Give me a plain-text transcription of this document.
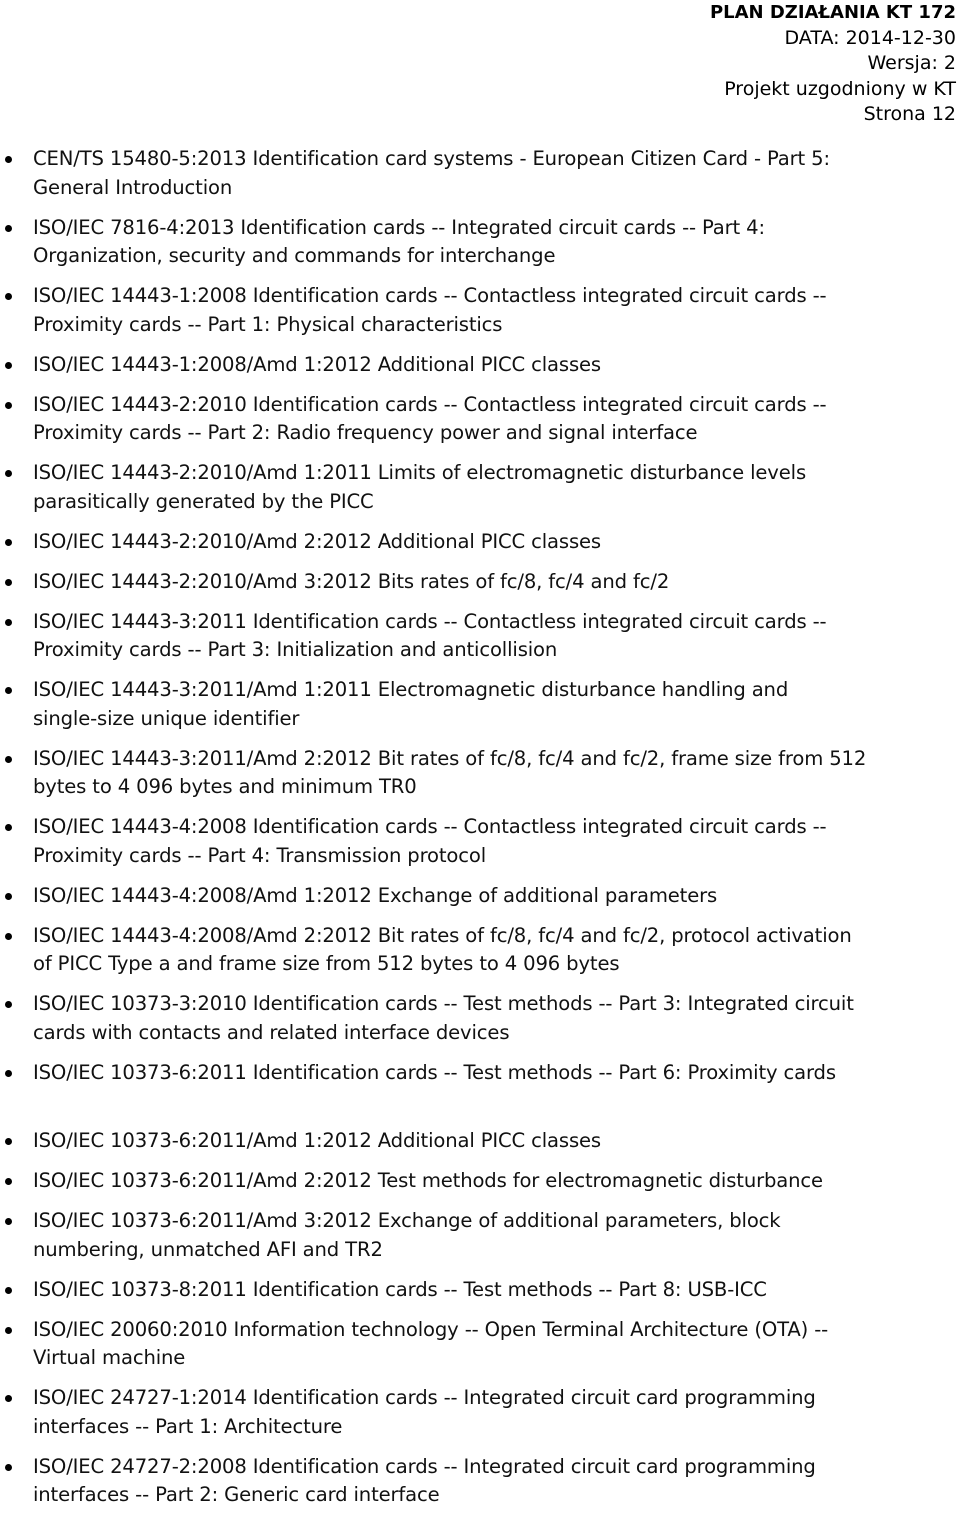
PLAN DZIAŁANIA KT 172
DATA: 2014-12-30
Wersja: 2
Projekt uzgodniony w KT
Strona 12
CEN/TS 15480-5:2013 Identification card systems - European Citizen Card - Part 5:
General Introduction
ISO/IEC 7816-4:2013 Identification cards -- Integrated circuit cards -- Part 4:
Organization, security and commands for interchange
ISO/IEC 14443-1:2008 Identification cards -- Contactless integrated circuit cards --
Proximity cards -- Part 1: Physical characteristics
ISO/IEC 14443-1:2008/Amd 1:2012 Additional PICC classes
ISO/IEC 14443-2:2010 Identification cards -- Contactless integrated circuit cards --
Proximity cards -- Part 2: Radio frequency power and signal interface
ISO/IEC 14443-2:2010/Amd 1:2011 Limits of electromagnetic disturbance levels
parasitically generated by the PICC
ISO/IEC 14443-2:2010/Amd 2:2012 Additional PICC classes
ISO/IEC 14443-2:2010/Amd 3:2012 Bits rates of fc/8, fc/4 and fc/2
ISO/IEC 14443-3:2011 Identification cards -- Contactless integrated circuit cards --
Proximity cards -- Part 3: Initialization and anticollision
ISO/IEC 14443-3:2011/Amd 1:2011 Electromagnetic disturbance handling and
single-size unique identifier
ISO/IEC 14443-3:2011/Amd 2:2012 Bit rates of fc/8, fc/4 and fc/2, frame size from 512
bytes to 4 096 bytes and minimum TR0
ISO/IEC 14443-4:2008 Identification cards -- Contactless integrated circuit cards --
Proximity cards -- Part 4: Transmission protocol
ISO/IEC 14443-4:2008/Amd 1:2012 Exchange of additional parameters
ISO/IEC 14443-4:2008/Amd 2:2012 Bit rates of fc/8, fc/4 and fc/2, protocol activation
of PICC Type a and frame size from 512 bytes to 4 096 bytes
ISO/IEC 10373-3:2010 Identification cards -- Test methods -- Part 3: Integrated circuit
cards with contacts and related interface devices
ISO/IEC 10373-6:2011 Identification cards -- Test methods -- Part 6: Proximity cards
ISO/IEC 10373-6:2011/Amd 1:2012 Additional PICC classes
ISO/IEC 10373-6:2011/Amd 2:2012 Test methods for electromagnetic disturbance
ISO/IEC 10373-6:2011/Amd 3:2012 Exchange of additional parameters, block
numbering, unmatched AFI and TR2
ISO/IEC 10373-8:2011 Identification cards -- Test methods -- Part 8: USB-ICC
ISO/IEC 20060:2010 Information technology -- Open Terminal Architecture (OTA) --
Virtual machine
ISO/IEC 24727-1:2014 Identification cards -- Integrated circuit card programming
interfaces -- Part 1: Architecture
ISO/IEC 24727-2:2008 Identification cards -- Integrated circuit card programming
interfaces -- Part 2: Generic card interface
